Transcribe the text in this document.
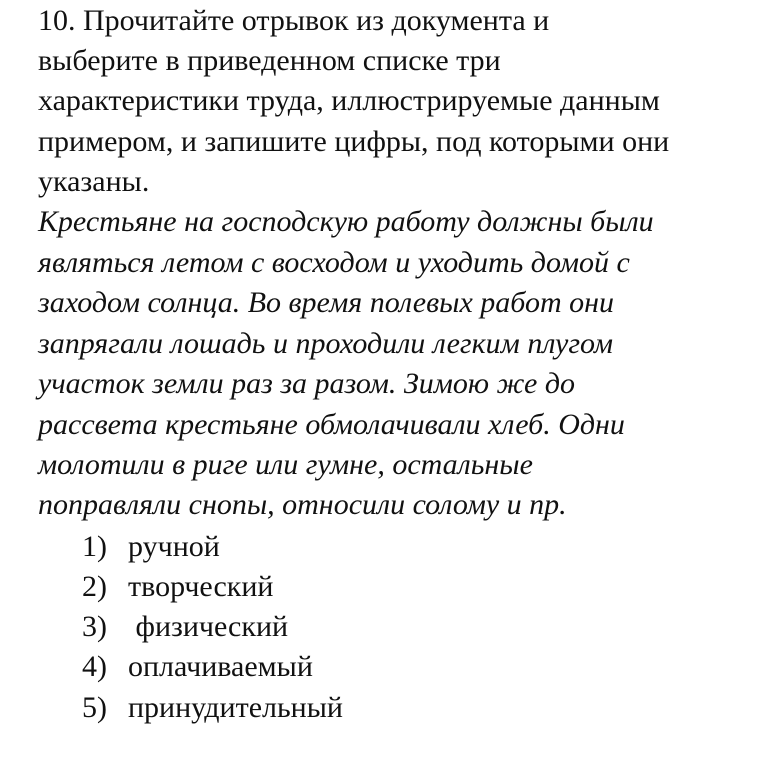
10. Прочитайте отрывок из документа и
выберите в приведенном списке три
характеристики труда, иллюстрируемые данным
примером, и запишите цифры, под которыми они
указаны.
Крестьяне на господскую работу должны были
являться летом с восходом и уходить домой с
заходом солнца. Во время полевых работ они
запрягали лошадь и проходили легким плугом
участок земли раз за разом. Зимою же до
рассвета крестьяне обмолачивали хлеб. Одни
молотили в риге или гумне, остальные
поправляли снопы, относили солому и пр.
1) ручной
2) творческий
3) физический
4) оплачиваемый
5) принудительный
